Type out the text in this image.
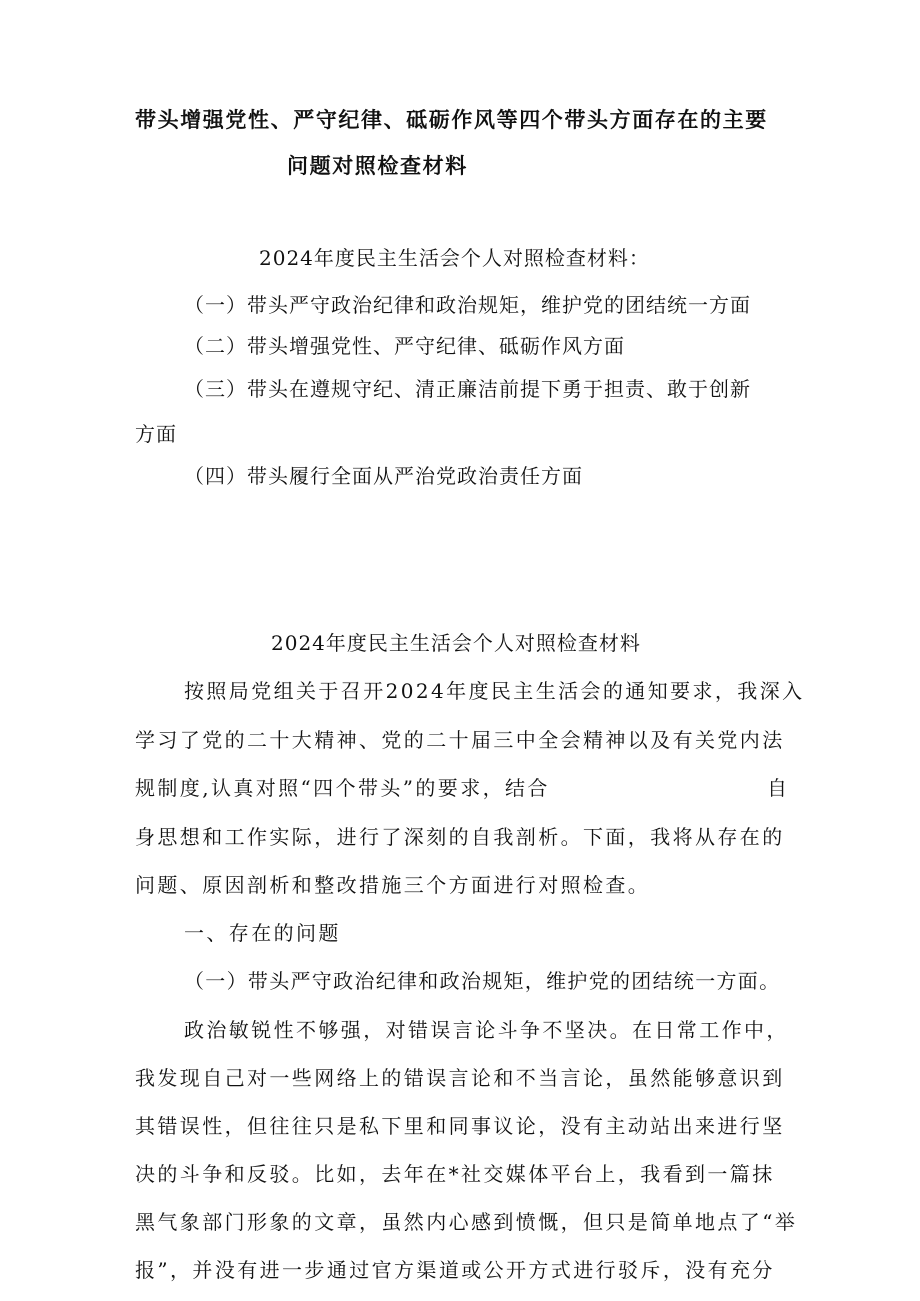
带头增强党性、严守纪律、砥砺作风等四个带头方面存在的主要
问题对照检查材料
2024年度民主生活会个人对照检查材料：
（一）带头严守政治纪律和政治规矩，维护党的团结统一方面
（二）带头增强党性、严守纪律、砥砺作风方面
（三）带头在遵规守纪、清正廉洁前提下勇于担责、敢于创新
方面
（四）带头履行全面从严治党政治责任方面
2024年度民主生活会个人对照检查材料
按照局党组关于召开2024年度民主生活会的通知要求，我深入
学习了党的二十大精神、党的二十届三中全会精神以及有关党内法
规制度,认真对照“四个带头”的要求，结合	自
身思想和工作实际，进行了深刻的自我剖析。下面，我将从存在的
问题、原因剖析和整改措施三个方面进行对照检查。
一、存在的问题
（一）带头严守政治纪律和政治规矩，维护党的团结统一方面。
政治敏锐性不够强，对错误言论斗争不坚决。在日常工作中，
我发现自己对一些网络上的错误言论和不当言论，虽然能够意识到
其错误性，但往往只是私下里和同事议论，没有主动站出来进行坚
决的斗争和反驳。比如，去年在*社交媒体平台上，我看到一篇抹
黑气象部门形象的文章，虽然内心感到愤慨，但只是简单地点了“举
报”，并没有进一步通过官方渠道或公开方式进行驳斥，没有充分
